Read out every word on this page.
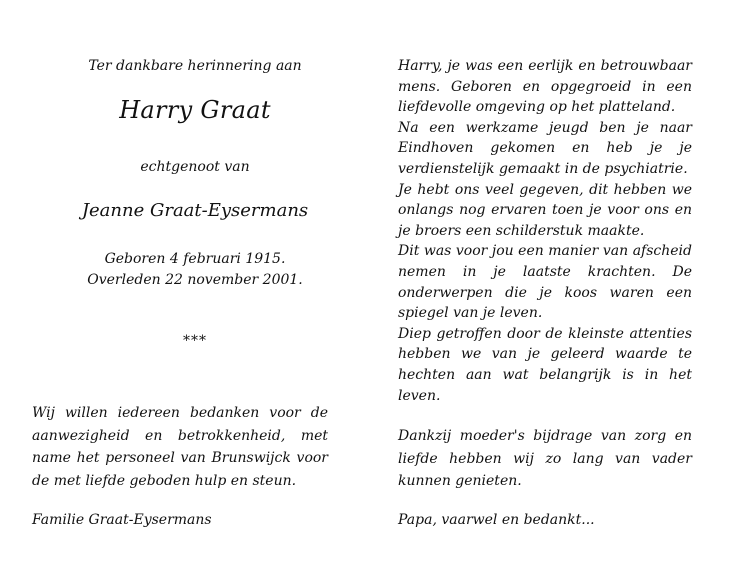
Ter dankbare herinnering aan
Harry Graat
echtgenoot van
Jeanne Graat-Eysermans
Geboren 4 februari 1915.
Overleden 22 november 2001.
***

Wij willen iedereen bedanken voor de aanwezigheid en betrokkenheid, met name het personeel van Brunswijck voor de met liefde geboden hulp en steun.

Familie Graat-Eysermans

Harry, je was een eerlijk en betrouwbaar mens. Geboren en opgegroeid in een liefdevolle omgeving op het platteland.

Na een werkzame jeugd ben je naar Eindhoven gekomen en heb je je verdienstelijk gemaakt in de psychiatrie.

Je hebt ons veel gegeven, dit hebben we onlangs nog ervaren toen je voor ons en je broers een schilderstuk maakte.

Dit was voor jou een manier van afscheid nemen in je laatste krachten. De onderwerpen die je koos waren een spiegel van je leven.

Diep getroffen door de kleinste attenties hebben we van je geleerd waarde te hechten aan wat belangrijk is in het leven.

Dankzij moeder's bijdrage van zorg en liefde hebben wij zo lang van vader kunnen genieten.

Papa, vaarwel en bedankt...
